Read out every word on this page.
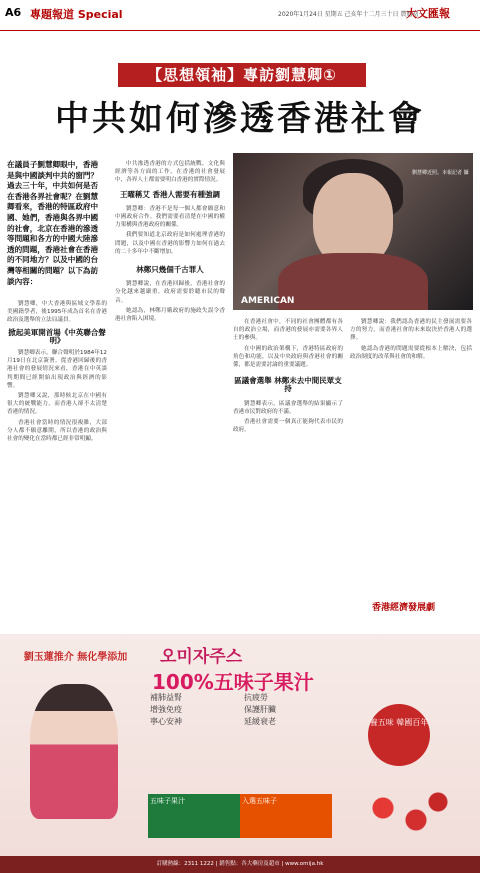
A6 專題報道 Special	2020年1月24日 星期五 己亥年十二月三十日 農曆初一
大文匯報
【思想領袖】專訪劉慧卿①
中共如何滲透香港社會
在議員子劉慧卿眼中，香港是與中國談判中共的窗門？過去三十年，中共如何是否在香港各界社會呢？在劉慧卿看來，香港的特區政府中國、她們，香港與各界中國的社會，北京在香港的滲透等問題和各方的中國大陸滲透的問題，香港社會在香港的不同地方？以及中國的台灣等相關的問題？以下為訪談內容：

劉慧卿，中大香港與區域文學系的美國籍學者，後1995年成為首名在香港政治及選舉的立法局議員。

掀起美軍開首場《中英聯合聲明》

劉慧卿表示，聯合聲明於1984年12月19日在北京簽署。從香港回歸後的香港社會的發展情況來看，香港在中英談判期間已經開始出現政治與經濟的影響。

劉慧卿又說，那時候北京在中國有很大的統戰能力，而香港人卻不太清楚香港的情況。

香港社會當時的情況很複雜，大部分人都不願意離開，所以香港的政治與社會的變化在當時都已經非常明顯。

中共滲透香港的方式包括統戰、文化與經濟等各方面的工作，在香港的社會發展中，各界人士都需要明白香港的實際情況。

王曜稱艾 香港人需要有種強調

劉慧卿：香港不是每一個人都會願意和中國政府合作。我們需要看清楚在中國的權力架構與香港政府的關係。

我們要知道北京政府是如何處理香港的問題，以及中國在香港的影響力如何在過去的二十多年中不斷增加。

林鄭只幾個千古罪人

劉慧卿說，在香港回歸後，香港社會的分化越來越嚴重，政府需要聆聽市民的聲音。

她認為，林鄭月娥政府的施政失誤令香港社會陷入困境。

AMERICAN
劉慧卿近照。本報記者 攝

在香港社會中，不同的社會團體都有各自的政治立場，而香港的發展亦需要各界人士的參與。

在中國的政治架構下，香港特區政府的角色和功能，以及中央政府與香港社會的關係，都是需要討論的重要議題。

區議會選舉 林鄭未去中間民眾支持

劉慧卿表示，區議會選舉的結果顯示了香港市民對政府的不滿。

香港社會需要一個真正能夠代表市民的政府。

劉慧卿說：我們認為香港的民主發展需要各方的努力，而香港社會的未來取決於香港人的選擇。

她認為香港的問題需要從根本上解決，包括政治制度的改革與社會的和解。

香港經濟發展劇
劉玉蓮推介 無化學添加	오미자주스
100%五味子果汁
補肺益腎	抗疲勞
增強免疫	保護肝臟
寧心安神	延緩衰老
五味子果汁	入選五味子
養五味 韓國百年
訂購熱線：2311 1222 | 銷售點：各大藥房及超市 | www.omija.hk
